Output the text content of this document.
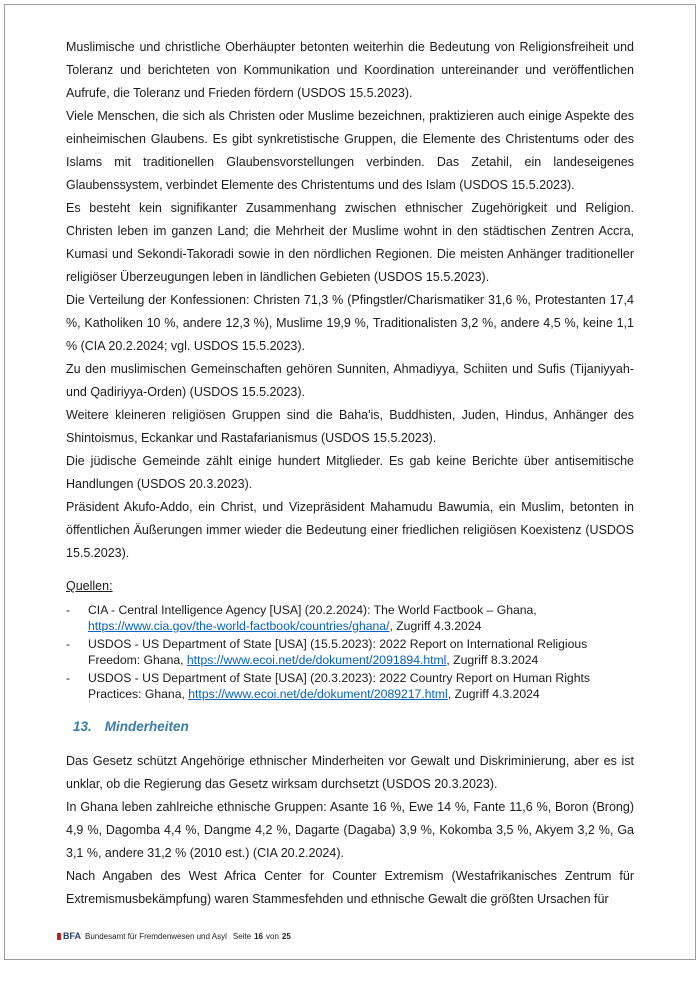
Muslimische und christliche Oberhäupter betonten weiterhin die Bedeutung von Religionsfreiheit und Toleranz und berichteten von Kommunikation und Koordination untereinander und veröffentlichen Aufrufe, die Toleranz und Frieden fördern (USDOS 15.5.2023).

Viele Menschen, die sich als Christen oder Muslime bezeichnen, praktizieren auch einige Aspekte des einheimischen Glaubens. Es gibt synkretistische Gruppen, die Elemente des Christentums oder des Islams mit traditionellen Glaubensvorstellungen verbinden. Das Zetahil, ein landeseigenes Glaubenssystem, verbindet Elemente des Christentums und des Islam (USDOS 15.5.2023).

Es besteht kein signifikanter Zusammenhang zwischen ethnischer Zugehörigkeit und Religion. Christen leben im ganzen Land; die Mehrheit der Muslime wohnt in den städtischen Zentren Accra, Kumasi und Sekondi-Takoradi sowie in den nördlichen Regionen. Die meisten Anhänger traditioneller religiöser Überzeugungen leben in ländlichen Gebieten (USDOS 15.5.2023).

Die Verteilung der Konfessionen: Christen 71,3 % (Pfingstler/Charismatiker 31,6 %, Protestanten 17,4 %, Katholiken 10 %, andere 12,3 %), Muslime 19,9 %, Traditionalisten 3,2 %, andere 4,5 %, keine 1,1 % (CIA 20.2.2024; vgl. USDOS 15.5.2023).

Zu den muslimischen Gemeinschaften gehören Sunniten, Ahmadiyya, Schiiten und Sufis (Tijaniyyah- und Qadiriyya-Orden) (USDOS 15.5.2023).

Weitere kleineren religiösen Gruppen sind die Baha'is, Buddhisten, Juden, Hindus, Anhänger des Shintoismus, Eckankar und Rastafarianismus (USDOS 15.5.2023).

Die jüdische Gemeinde zählt einige hundert Mitglieder. Es gab keine Berichte über antisemitische Handlungen (USDOS 20.3.2023).

Präsident Akufo-Addo, ein Christ, und Vizepräsident Mahamudu Bawumia, ein Muslim, betonten in öffentlichen Äußerungen immer wieder die Bedeutung einer friedlichen religiösen Koexistenz (USDOS 15.5.2023).

Quellen:
-	CIA - Central Intelligence Agency [USA] (20.2.2024): The World Factbook – Ghana, https://www.cia.gov/the-world-factbook/countries/ghana/, Zugriff 4.3.2024
-	USDOS - US Department of State [USA] (15.5.2023): 2022 Report on International Religious Freedom: Ghana, https://www.ecoi.net/de/dokument/2091894.html, Zugriff 8.3.2024
-	USDOS - US Department of State [USA] (20.3.2023): 2022 Country Report on Human Rights Practices: Ghana, https://www.ecoi.net/de/dokument/2089217.html, Zugriff 4.3.2024
13. Minderheiten

Das Gesetz schützt Angehörige ethnischer Minderheiten vor Gewalt und Diskriminierung, aber es ist unklar, ob die Regierung das Gesetz wirksam durchsetzt (USDOS 20.3.2023).

In Ghana leben zahlreiche ethnische Gruppen: Asante 16 %, Ewe 14 %, Fante 11,6 %, Boron (Brong) 4,9 %, Dagomba 4,4 %, Dangme 4,2 %, Dagarte (Dagaba) 3,9 %, Kokomba 3,5 %, Akyem 3,2 %, Ga 3,1 %, andere 31,2 % (2010 est.) (CIA 20.2.2024).

Nach Angaben des West Africa Center for Counter Extremism (Westafrikanisches Zentrum für Extremismusbekämpfung) waren Stammesfehden und ethnische Gewalt die größten Ursachen für

BFA Bundesamt für Fremdenwesen und Asyl Seite 16 von 25
